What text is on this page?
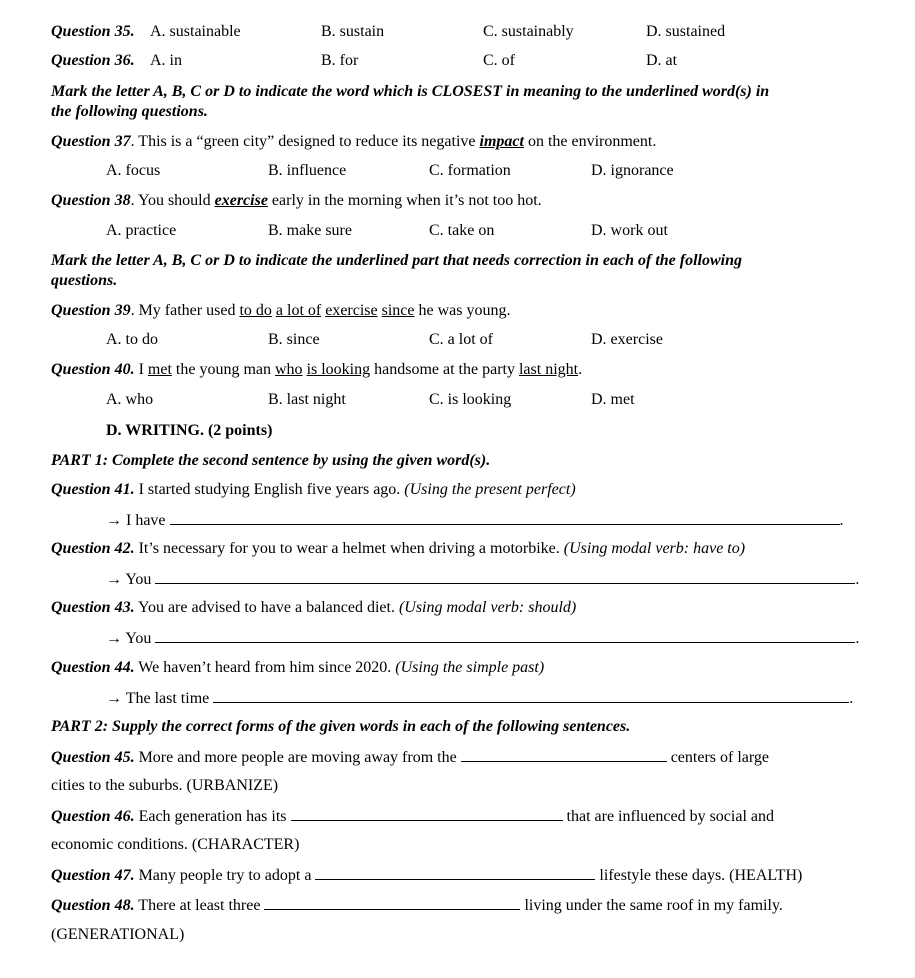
Question 35. A. sustainable	B. sustain	C. sustainably	D. sustained
Question 36. A. in	B. for	C. of	D. at
Mark the letter A, B, C or D to indicate the word which is CLOSEST in meaning to the underlined word(s) in
the following questions.
Question 37. This is a “green city” designed to reduce its negative impact on the environment.
A. focus	B. influence	C. formation	D. ignorance
Question 38. You should exercise early in the morning when it’s not too hot.
A. practice	B. make sure	C. take on	D. work out
Mark the letter A, B, C or D to indicate the underlined part that needs correction in each of the following
questions.
Question 39. My father used to do a lot of exercise since he was young.
A. to do	B. since	C. a lot of	D. exercise
Question 40. I met the young man who is looking handsome at the party last night.
A. who	B. last night	C. is looking	D. met
D. WRITING. (2 points)
PART 1: Complete the second sentence by using the given word(s).
Question 41. I started studying English five years ago. (Using the present perfect)
→ I have	.
Question 42. It’s necessary for you to wear a helmet when driving a motorbike. (Using modal verb: have to)
→ You	.
Question 43. You are advised to have a balanced diet. (Using modal verb: should)
→ You	.
Question 44. We haven’t heard from him since 2020. (Using the simple past)
→ The last time	.
PART 2: Supply the correct forms of the given words in each of the following sentences.
Question 45. More and more people are moving away from the	centers of large
cities to the suburbs. (URBANIZE)
Question 46. Each generation has its	that are influenced by social and
economic conditions. (CHARACTER)
Question 47. Many people try to adopt a	lifestyle these days. (HEALTH)
Question 48. There at least three	living under the same roof in my family.
(GENERATIONAL)
